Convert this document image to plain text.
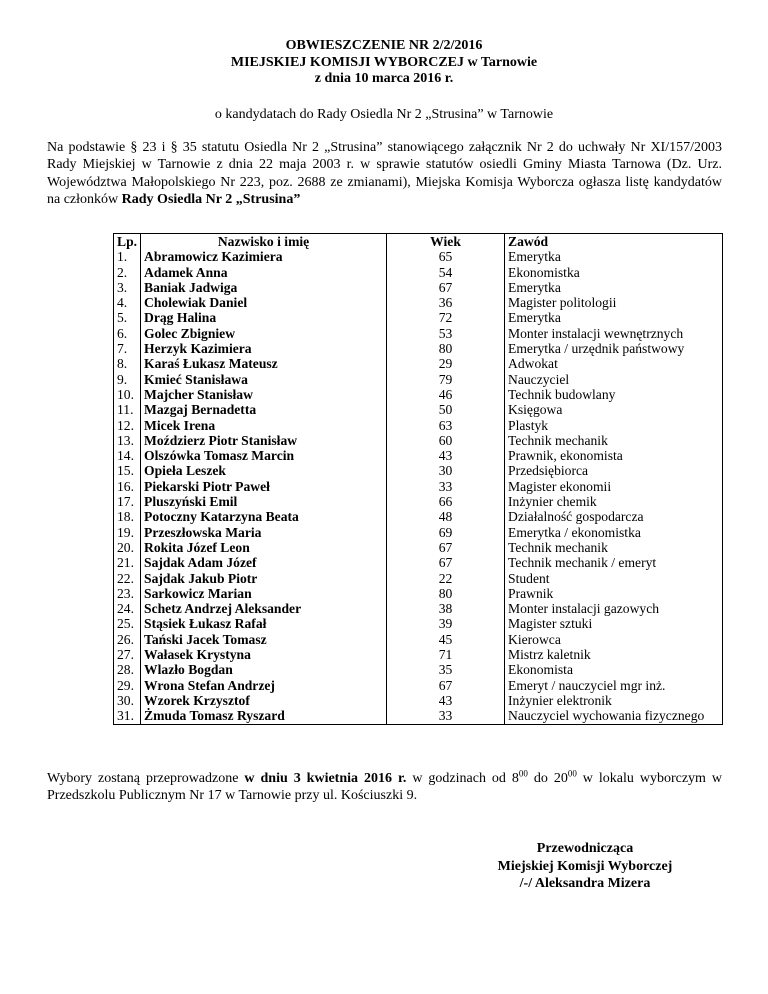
OBWIESZCZENIE NR 2/2/2016
MIEJSKIEJ KOMISJI WYBORCZEJ w Tarnowie
z dnia 10 marca 2016 r.
o kandydatach do Rady Osiedla Nr 2 „Strusina” w Tarnowie
Na podstawie § 23 i § 35 statutu Osiedla Nr 2 „Strusina” stanowiącego załącznik Nr 2 do uchwały Nr XI/157/2003 Rady Miejskiej w Tarnowie z dnia 22 maja 2003 r. w sprawie statutów osiedli Gminy Miasta Tarnowa (Dz. Urz. Województwa Małopolskiego Nr 223, poz. 2688 ze zmianami), Miejska Komisja Wyborcza ogłasza listę kandydatów na członków Rady Osiedla Nr 2 „Strusina”
Lp.	Nazwisko i imię	Wiek	Zawód
1.	Abramowicz Kazimiera	65	Emerytka
2.	Adamek Anna	54	Ekonomistka
3.	Baniak Jadwiga	67	Emerytka
4.	Cholewiak Daniel	36	Magister politologii
5.	Drąg Halina	72	Emerytka
6.	Golec Zbigniew	53	Monter instalacji wewnętrznych
7.	Herzyk Kazimiera	80	Emerytka / urzędnik państwowy
8.	Karaś Łukasz Mateusz	29	Adwokat
9.	Kmieć Stanisława	79	Nauczyciel
10.	Majcher Stanisław	46	Technik budowlany
11.	Mazgaj Bernadetta	50	Księgowa
12.	Micek Irena	63	Plastyk
13.	Moździerz Piotr Stanisław	60	Technik mechanik
14.	Olszówka Tomasz Marcin	43	Prawnik, ekonomista
15.	Opieła Leszek	30	Przedsiębiorca
16.	Piekarski Piotr Paweł	33	Magister ekonomii
17.	Pluszyński Emil	66	Inżynier chemik
18.	Potoczny Katarzyna Beata	48	Działalność gospodarcza
19.	Przeszłowska Maria	69	Emerytka / ekonomistka
20.	Rokita Józef Leon	67	Technik mechanik
21.	Sajdak Adam Józef	67	Technik mechanik / emeryt
22.	Sajdak Jakub Piotr	22	Student
23.	Sarkowicz Marian	80	Prawnik
24.	Schetz Andrzej Aleksander	38	Monter instalacji gazowych
25.	Stąsiek Łukasz Rafał	39	Magister sztuki
26.	Tański Jacek Tomasz	45	Kierowca
27.	Wałasek Krystyna	71	Mistrz kaletnik
28.	Wlazło Bogdan	35	Ekonomista
29.	Wrona Stefan Andrzej	67	Emeryt / nauczyciel mgr inż.
30.	Wzorek Krzysztof	43	Inżynier elektronik
31.	Żmuda Tomasz Ryszard	33	Nauczyciel wychowania fizycznego
Wybory zostaną przeprowadzone w dniu 3 kwietnia 2016 r. w godzinach od $8^{00}$ do $20^{00}$ w lokalu wyborczym w Przedszkolu Publicznym Nr 17 w Tarnowie przy ul. Kościuszki 9.
Przewodnicząca
Miejskiej Komisji Wyborczej
/-/ Aleksandra Mizera
